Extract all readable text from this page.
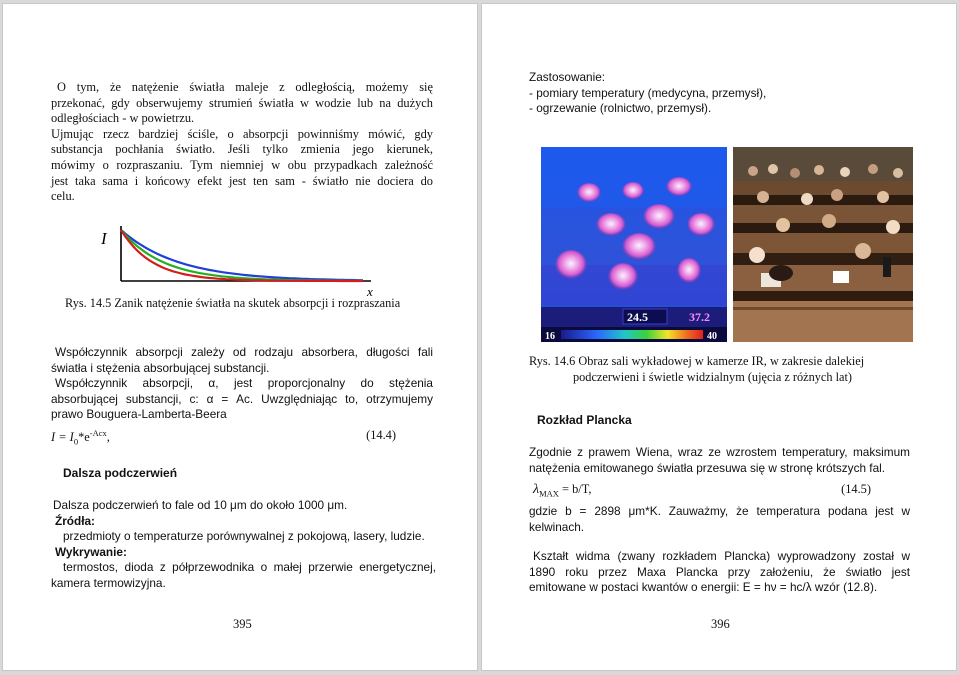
O tym, że natężenie światła maleje z odległością, możemy się
przekonać, gdy obserwujemy strumień światła w wodzie lub na dużych
odległościach - w powietrzu.
Ujmując rzecz bardziej ściśle, o absorpcji powinniśmy mówić, gdy
substancja pochłania światło. Jeśli tylko zmienia jego kierunek,
mówimy o rozpraszaniu. Tym niemniej w obu przypadkach zależność
jest taka sama i końcowy efekt jest ten sam - światło nie dociera do
celu.
I
x
Rys. 14.5 Zanik natężenie światła na skutek absorpcji i rozpraszania
Współczynnik absorpcji zależy od rodzaju absorbera, długości fali
światła i stężenia absorbującej substancji.
Współczynnik absorpcji, α, jest proporcjonalny do stężenia
absorbującej substancji, c: α = Ac. Uwzględniając to, otrzymujemy
prawo Bouguera-Lamberta-Beera
$I = I_0*e^{-Acx}$,	(14.4)
Dalsza podczerwień
Dalsza podczerwień to fale od 10 μm do około 1000 μm.
Źródła:
przedmioty o temperaturze porównywalnej z pokojową, lasery, ludzie.
Wykrywanie:
termostos, dioda z półprzewodnika o małej przerwie energetycznej,
kamera termowizyjna.
395
Zastosowanie:
- pomiary temperatury (medycyna, przemysł),
- ogrzewanie (rolnictwo, przemysł).
24.5	37.2
16	40
Rys. 14.6 Obraz sali wykładowej w kamerze IR, w zakresie dalekiej
podczerwieni i świetle widzialnym (ujęcia z różnych lat)
Rozkład Plancka
Zgodnie z prawem Wiena, wraz ze wzrostem temperatury, maksimum
natężenia emitowanego światła przesuwa się w stronę krótszych fal.
$\lambda_{MAX} = b/T$,	(14.5)
gdzie b = 2898 μm*K. Zauważmy, że temperatura podana jest w
kelwinach.
Kształt widma (zwany rozkładem Plancka) wyprowadzony został w
1890 roku przez Maxa Plancka przy założeniu, że światło jest
emitowane w postaci kwantów o energii: E = hν = hc/λ wzór (12.8).
396
